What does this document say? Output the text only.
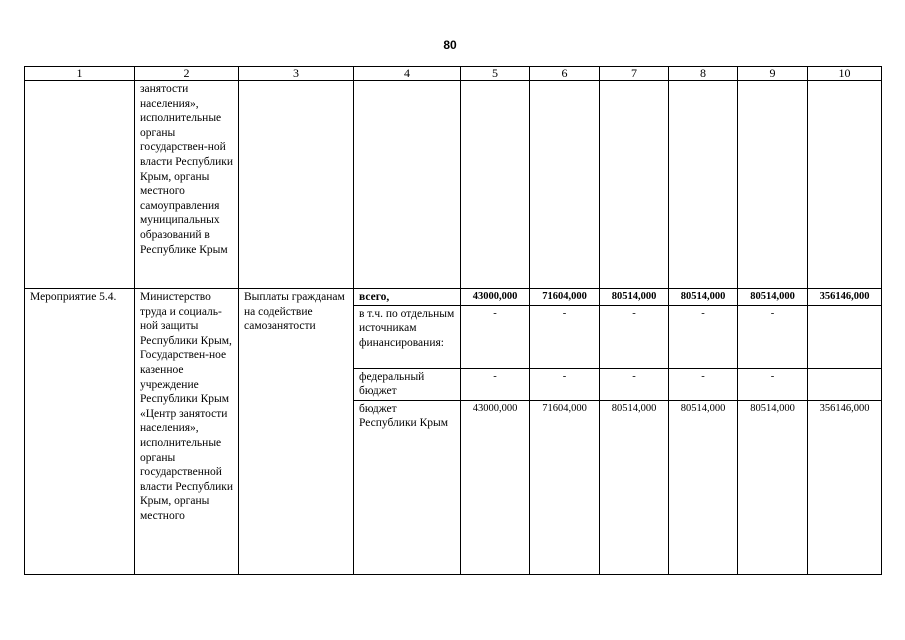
80
1	2	3	4	5	6	7	8	9	10
	занятости населения», исполнительные органы государствен-ной власти Республики Крым, органы местного самоуправления муниципальных образований в Республике Крым								
Мероприятие 5.4.	Министерство труда и социаль-ной защиты Республики Крым, Государствен-ное казенное учреждение Республики Крым «Центр занятости населения», исполнительные органы государственной власти Республики Крым, органы местного	Выплаты гражданам на содействие самозанятости	всего,	43000,000	71604,000	80514,000	80514,000	80514,000	356146,000
			в т.ч. по отдельным источникам финансирования:	-	-	-	-	-	
			федеральный бюджет	-	-	-	-	-	
			бюджет Республики Крым	43000,000	71604,000	80514,000	80514,000	80514,000	356146,000
